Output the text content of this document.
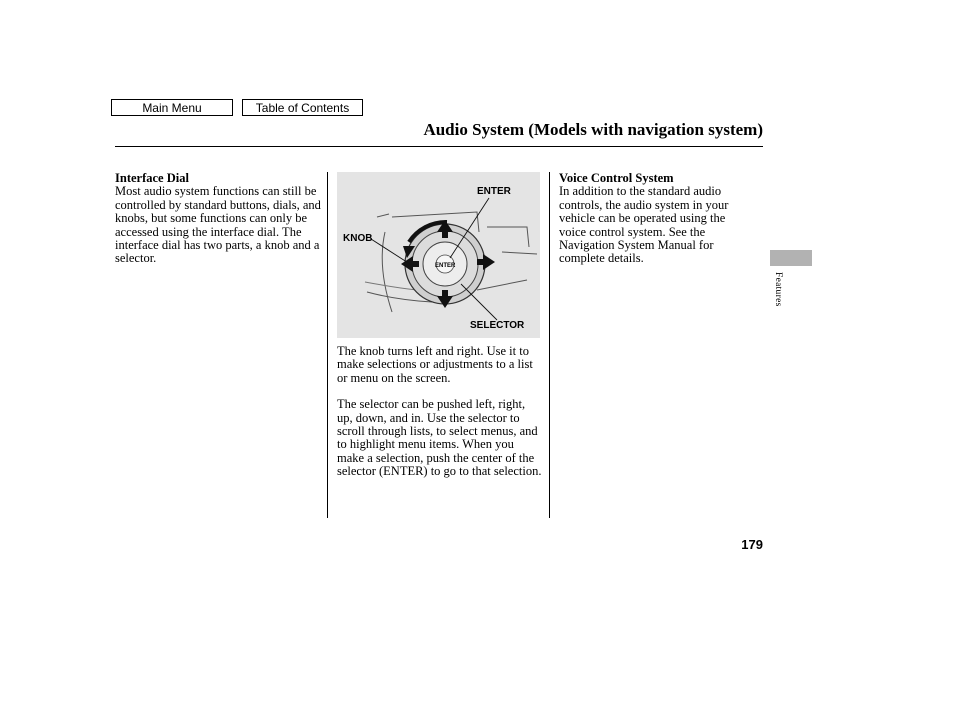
Main Menu	Table of Contents
Audio System (Models with navigation system)
Interface Dial
Most audio system functions can still be controlled by standard buttons, dials, and knobs, but some functions can only be accessed using the interface dial. The interface dial has two parts, a knob and a selector.
ENTER
KNOB
SELECTOR
ENTER

The knob turns left and right. Use it to make selections or adjustments to a list or menu on the screen.

The selector can be pushed left, right, up, down, and in. Use the selector to scroll through lists, to select menus, and to highlight menu items. When you make a selection, push the center of the selector (ENTER) to go to that selection.

Voice Control System
In addition to the standard audio controls, the audio system in your vehicle can be operated using the voice control system. See the Navigation System Manual for complete details.
Features
179
